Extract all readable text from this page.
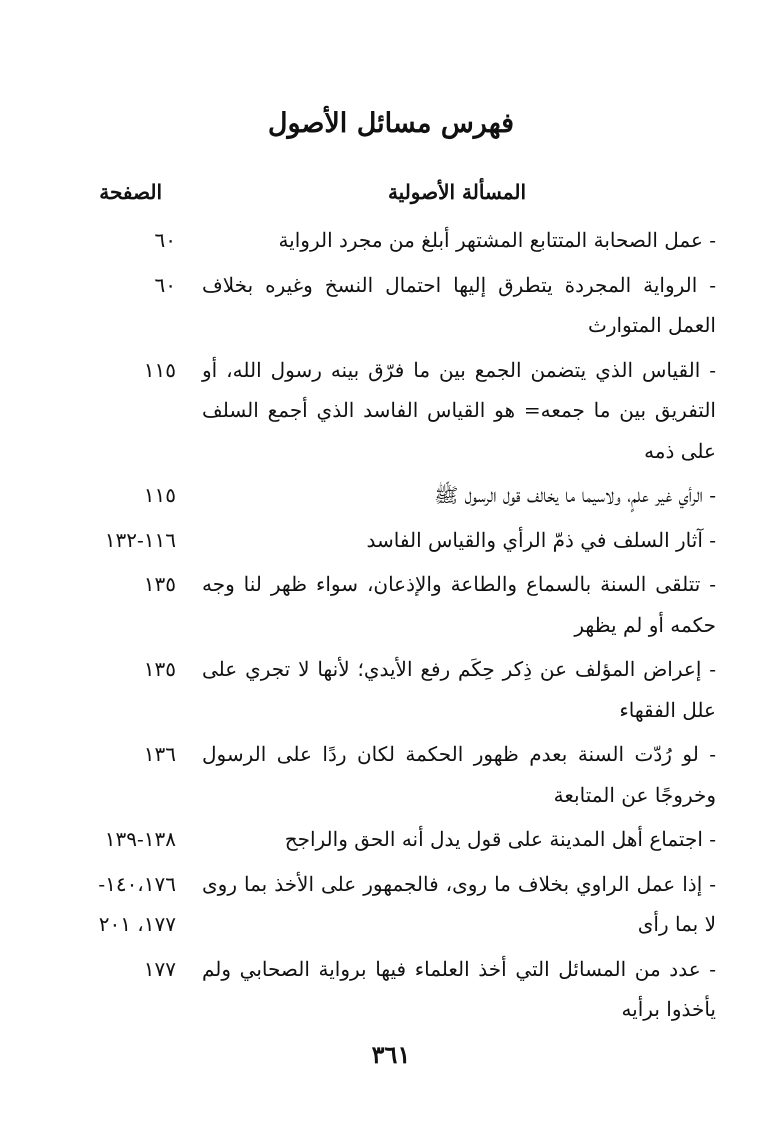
فهرس مسائل الأصول
المسألة الأصولية
الصفحة
- عمل الصحابة المتتابع المشتهر أبلغ من مجرد الرواية
٦٠
- الرواية المجردة يتطرق إليها احتمال النسخ وغيره بخلاف العمل المتوارث
٦٠
- القياس الذي يتضمن الجمع بين ما فرّق بينه رسول الله، أو التفريق بين ما جمعه= هو القياس الفاسد الذي أجمع السلف على ذمه
١١٥
- الرأي غير علمٍ، ولاسيما ما يخالف قول الرسول ﷺ
١١٥
- آثار السلف في ذمّ الرأي والقياس الفاسد
١١٦-١٣٢
- تتلقى السنة بالسماع والطاعة والإذعان، سواء ظهر لنا وجه حكمه أو لم يظهر
١٣٥
- إعراض المؤلف عن ذِكر حِكَم رفع الأيدي؛ لأنها لا تجري على علل الفقهاء
١٣٥
- لو رُدّت السنة بعدم ظهور الحكمة لكان ردًا على الرسول وخروجًا عن المتابعة
١٣٦
- اجتماع أهل المدينة على قول يدل أنه الحق والراجح
١٣٨-١٣٩
- إذا عمل الراوي بخلاف ما روى، فالجمهور على الأخذ بما روى لا بما رأى
١٤٠،١٧٦-
١٧٧، ٢٠١
- عدد من المسائل التي أخذ العلماء فيها برواية الصحابي ولم يأخذوا برأيه
١٧٧
٣٦١
